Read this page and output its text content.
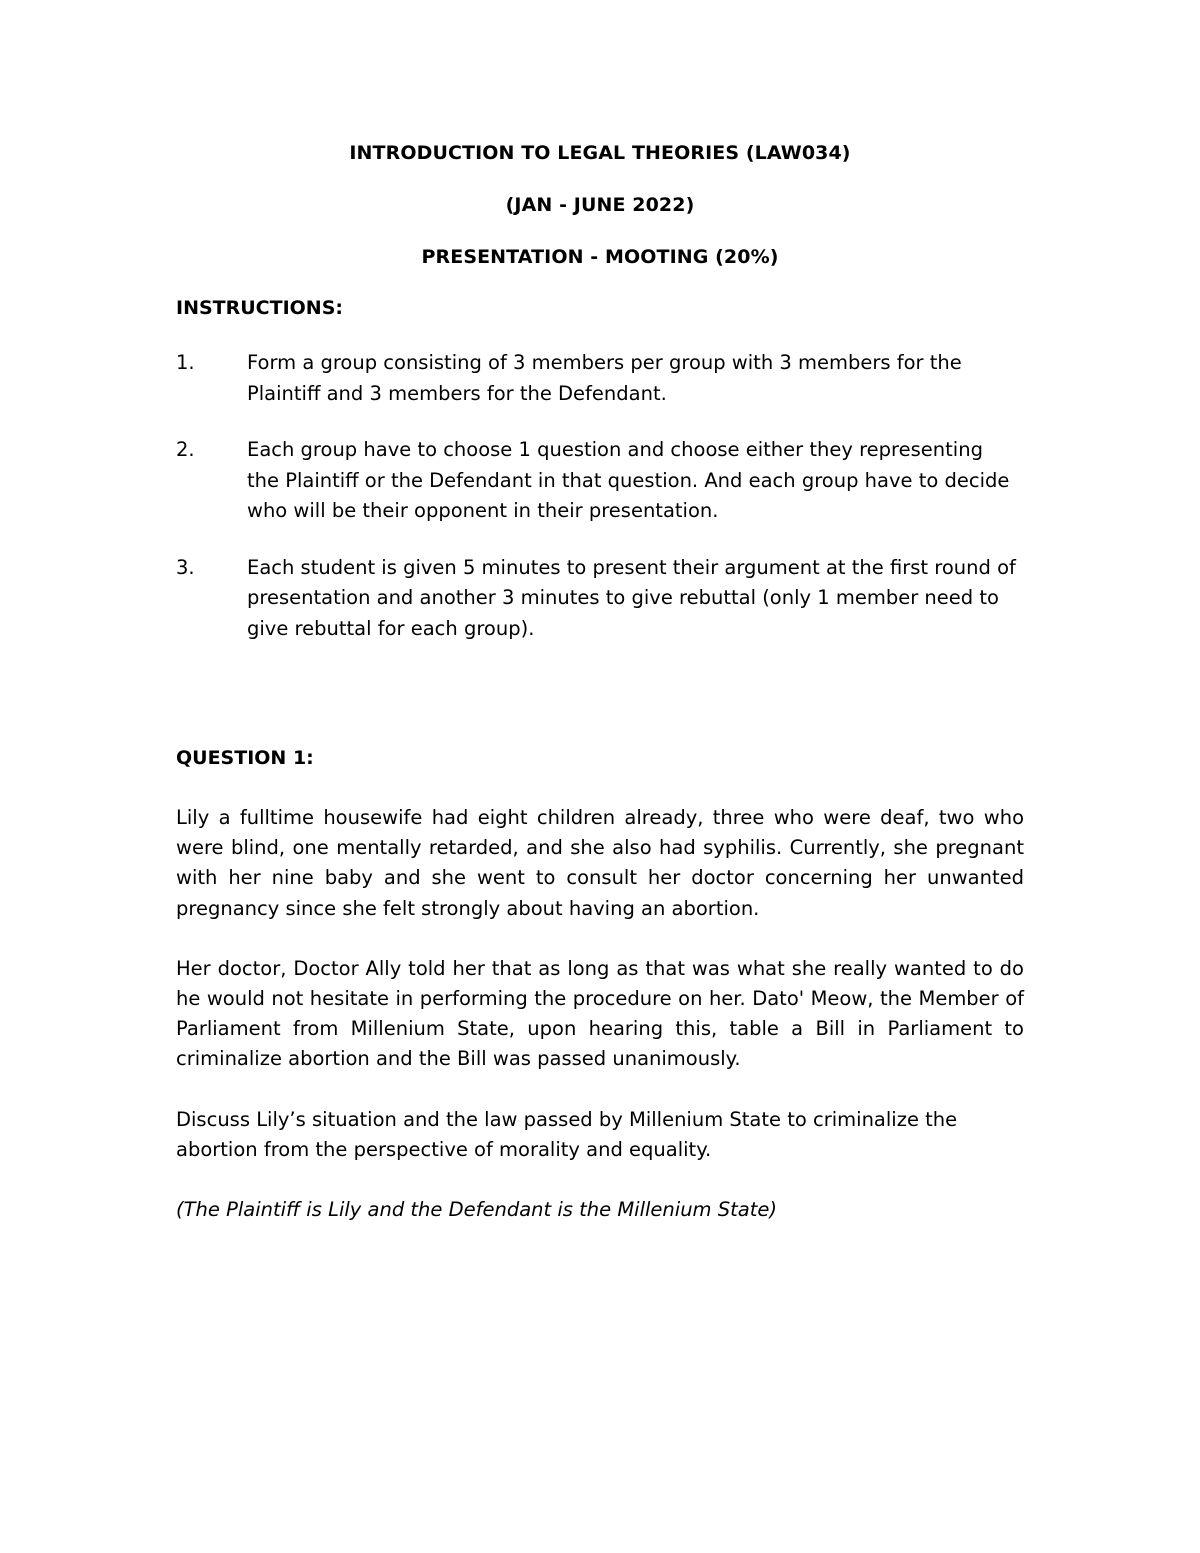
INTRODUCTION TO LEGAL THEORIES (LAW034)
(JAN - JUNE 2022)
PRESENTATION - MOOTING (20%)
INSTRUCTIONS:
1.	Form a group consisting of 3 members per group with 3 members for the Plaintiff and 3 members for the Defendant.
2.	Each group have to choose 1 question and choose either they representing the Plaintiff or the Defendant in that question. And each group have to decide who will be their opponent in their presentation.
3.	Each student is given 5 minutes to present their argument at the first round of presentation and another 3 minutes to give rebuttal (only 1 member need to give rebuttal for each group).
QUESTION 1:

Lily a fulltime housewife had eight children already, three who were deaf, two who were blind, one mentally retarded, and she also had syphilis. Currently, she pregnant with her nine baby and she went to consult her doctor concerning her unwanted pregnancy since she felt strongly about having an abortion.

Her doctor, Doctor Ally told her that as long as that was what she really wanted to do he would not hesitate in performing the procedure on her. Dato' Meow, the Member of Parliament from Millenium State, upon hearing this, table a Bill in Parliament to criminalize abortion and the Bill was passed unanimously.

Discuss Lily’s situation and the law passed by Millenium State to criminalize the abortion from the perspective of morality and equality.

(The Plaintiff is Lily and the Defendant is the Millenium State)
